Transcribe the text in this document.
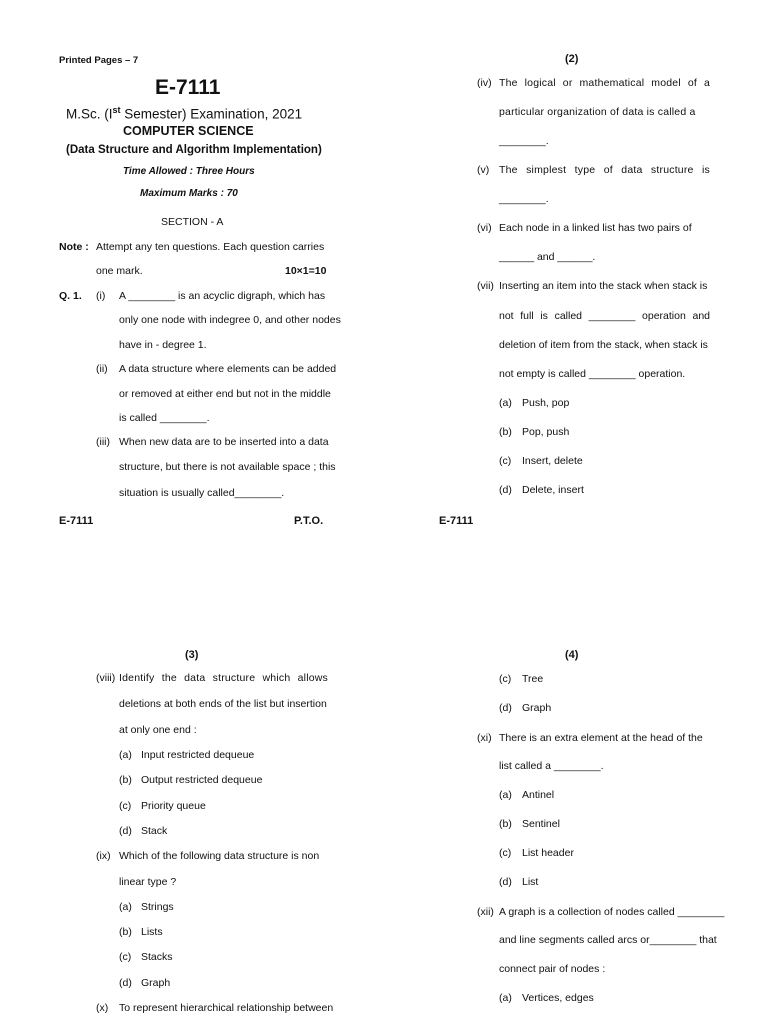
Printed Pages – 7
E-7111
M.Sc. (Ist Semester) Examination, 2021
COMPUTER SCIENCE
(Data Structure and Algorithm Implementation)
Time Allowed : Three Hours
Maximum Marks : 70
SECTION - A
Note : Attempt any ten questions. Each question carries
one mark.	10×1=10
Q. 1. (i) A ________ is an acyclic digraph, which has
only one node with indegree 0, and other nodes
have in - degree 1.
(ii) A data structure where elements can be added
or removed at either end but not in the middle
is called ________.
(iii) When new data are to be inserted into a data
structure, but there is not available space ; this
situation is usually called________.
E-7111	P.T.O.
(2)
(iv) The logical or mathematical model of a
particular organization of data is called a
________.
(v) The simplest type of data structure is
________.
(vi) Each node in a linked list has two pairs of
______ and ______.
(vii) Inserting an item into the stack when stack is
not full is called ________ operation and
deletion of item from the stack, when stack is
not empty is called ________ operation.
(a) Push, pop
(b) Pop, push
(c) Insert, delete
(d) Delete, insert
E-7111
(3)
(viii) Identify the data structure which allows
deletions at both ends of the list but insertion
at only one end :
(a) Input restricted dequeue
(b) Output restricted dequeue
(c) Priority queue
(d) Stack
(ix) Which of the following data structure is non
linear type ?
(a) Strings
(b) Lists
(c) Stacks
(d) Graph
(x) To represent hierarchical relationship between
(4)
(c) Tree
(d) Graph
(xi) There is an extra element at the head of the
list called a ________.
(a) Antinel
(b) Sentinel
(c) List header
(d) List
(xii) A graph is a collection of nodes called ________
and line segments called arcs or________ that
connect pair of nodes :
(a) Vertices, edges
